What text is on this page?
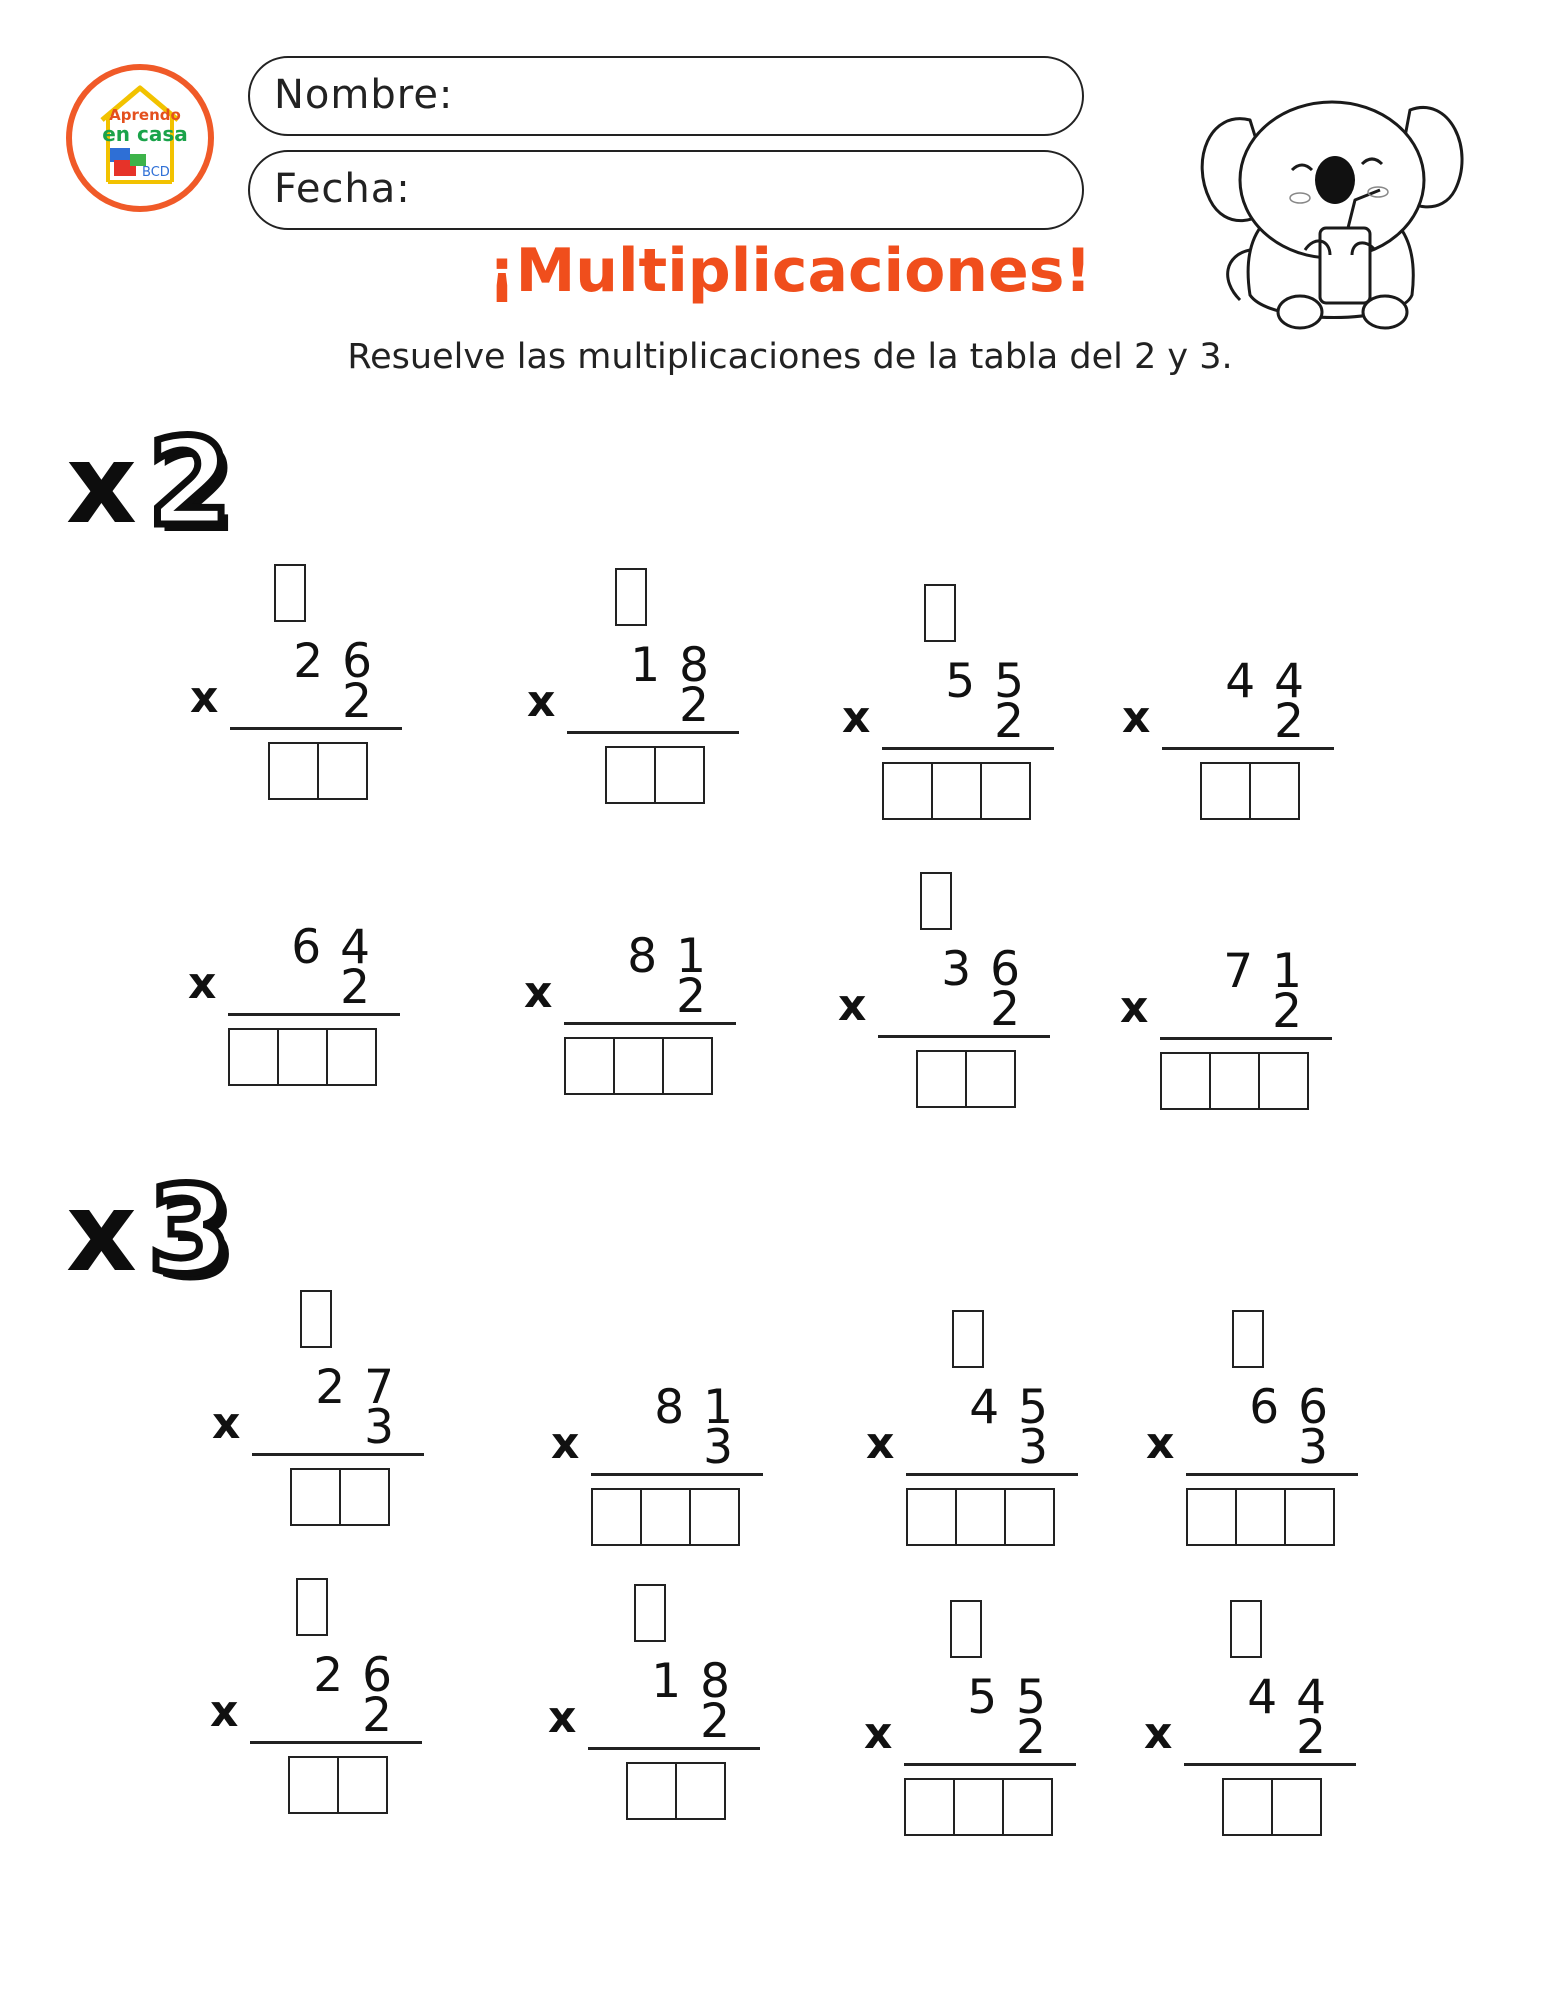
BCD
Aprendo
en casa
Nombre:
Fecha:
¡Multiplicaciones!
Resuelve las multiplicaciones de la tabla del 2 y 3.
x 2
x 3
x
2 6
2	x
1 8
2	x
5 5
2 x
4 4
2
x
6 4
2	x
8 1
2	x
3 6
2 x
7 1
2
x
2 7
3	x
8 1
3	x
4 5
3 x
6 6
3
x
2 6
2	x
1 8
2	x
5 5
2 x
4 4
2
